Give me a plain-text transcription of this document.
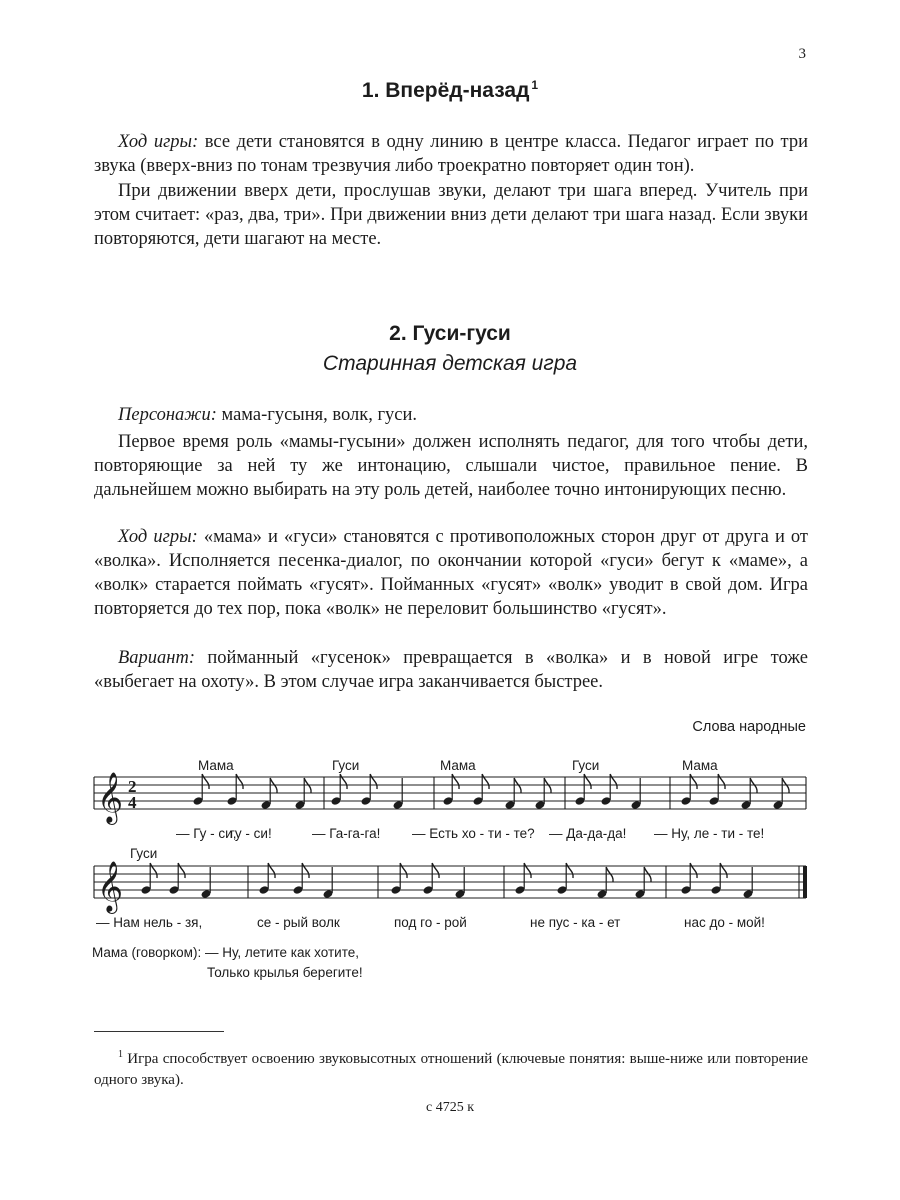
3
1. Вперёд-назад $^1$
Ход игры: все дети становятся в одну линию в центре класса. Педагог играет по три звука (вверх-вниз по тонам трезвучия либо троекратно повторяет один тон).
При движении вверх дети, прослушав звуки, делают три шага вперед. Учитель при этом считает: «раз, два, три». При движении вниз дети делают три шага назад. Если звуки повторяются, дети шагают на месте.
2. Гуси-гуси
Старинная детская игра
Персонажи: мама-гусыня, волк, гуси.
Первое время роль «мамы-гусыни» должен исполнять педагог, для того чтобы дети, повторяющие за ней ту же интонацию, слышали чистое, правильное пение. В дальнейшем можно выбирать на эту роль детей, наиболее точно интонирующих песню.
Ход игры: «мама» и «гуси» становятся с противоположных сторон друг от друга и от «волка». Исполняется песенка-диалог, по окончании которой «гуси» бегут к «маме», а «волк» старается поймать «гусят». Пойманных «гусят» «волк» уводит в свой дом. Игра повторяется до тех пор, пока «волк» не переловит большинство «гусят».
Вариант: пойманный «гусенок» превращается в «волка» и в новой игре тоже «выбегает на охоту». В этом случае игра заканчивается быстрее.
Слова народные
𝄞 2
4
Мама	Гуси	Мама	Гуси	Мама
— Гу - си,
гу - си!	— Га-га-га! — Есть хо - ти - те? — Да-да-да! — Ну, ле - ти - те!
𝄞
Гуси
— Нам нель - зя,	се - рый волк	под го - рой	не пус - ка - ет	нас до - мой!
Мама (говорком): — Ну, летите как хотите,
Только крылья берегите!
$^1$ Игра способствует освоению звуковысотных отношений (ключевые понятия: выше-ниже или повторение одного звука).
с 4725 к
